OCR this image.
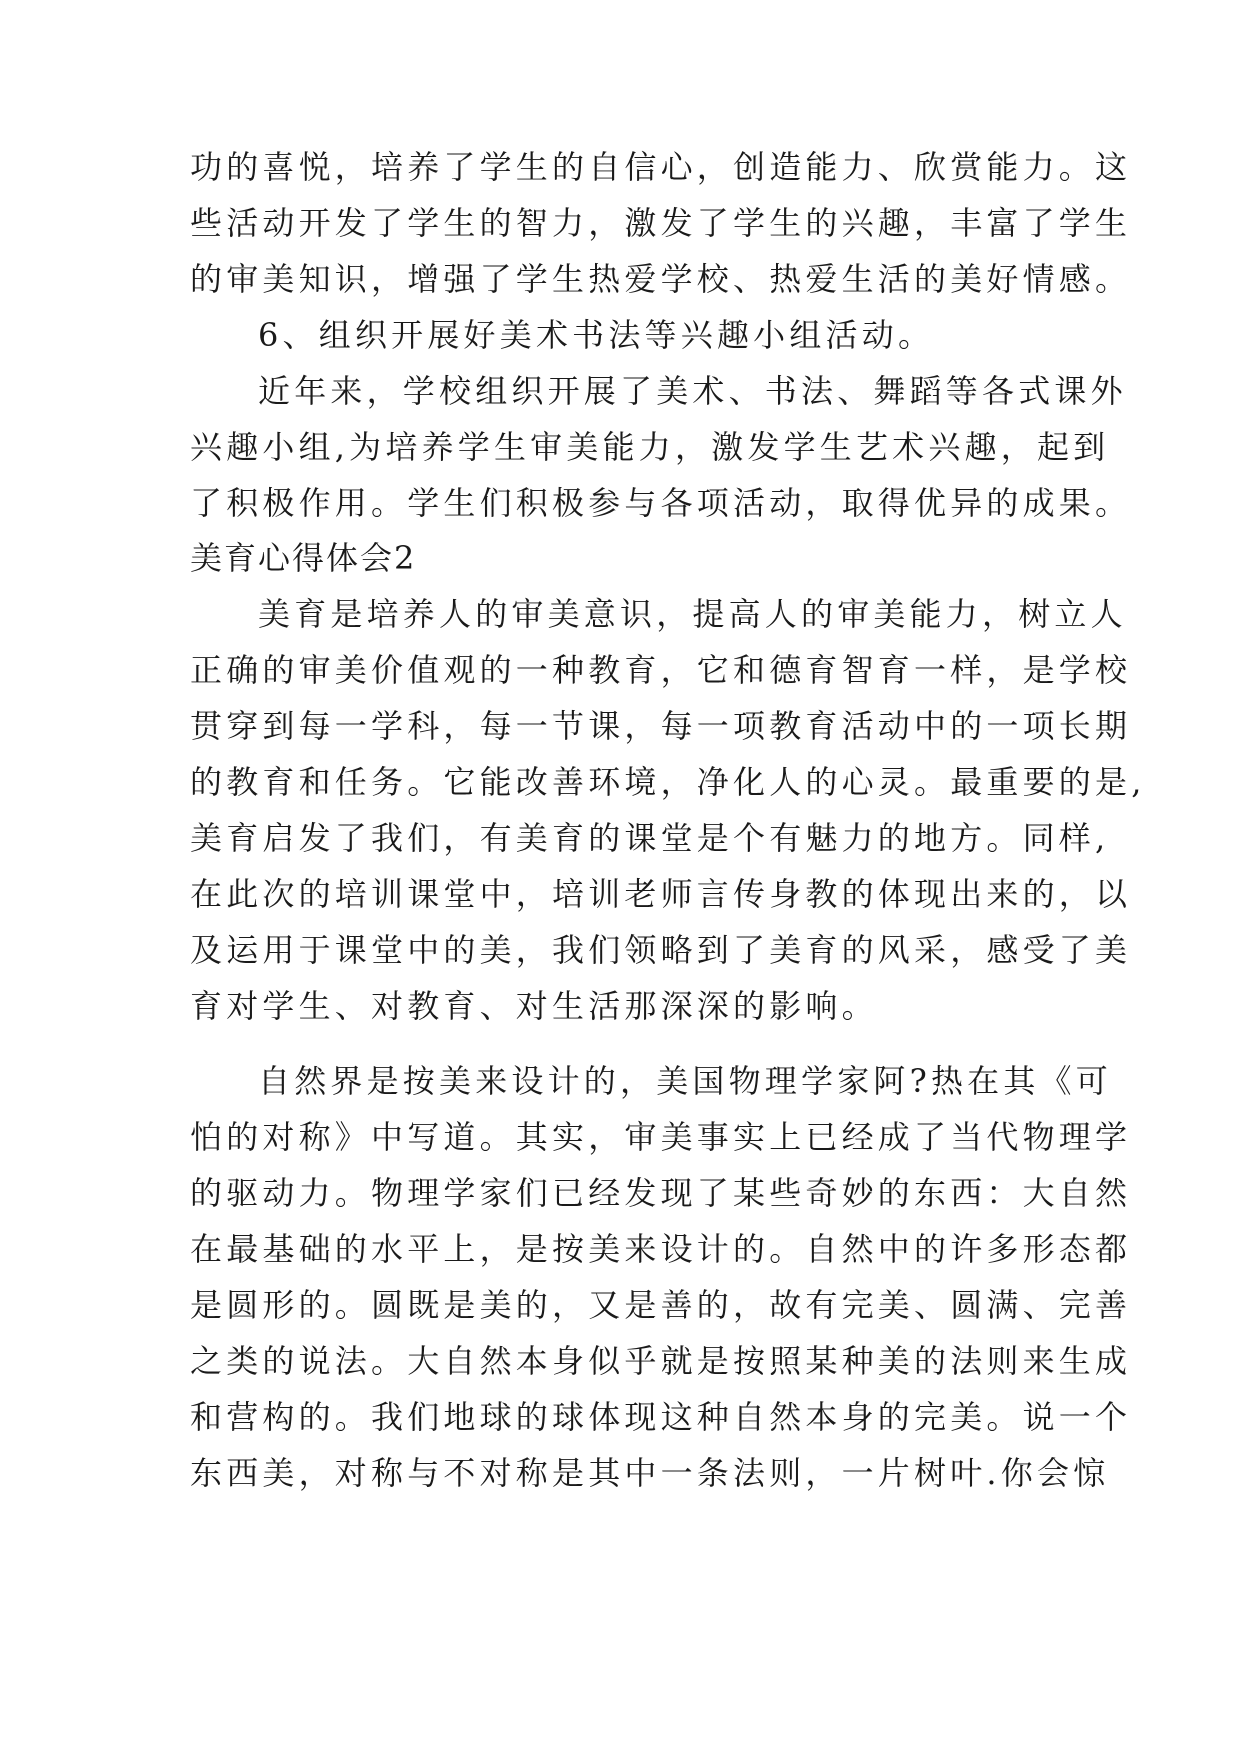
功的喜悦，培养了学生的自信心，创造能力、欣赏能力。这
些活动开发了学生的智力，激发了学生的兴趣，丰富了学生
的审美知识，增强了学生热爱学校、热爱生活的美好情感。
6、组织开展好美术书法等兴趣小组活动。
近年来，学校组织开展了美术、书法、舞蹈等各式课外
兴趣小组,为培养学生审美能力，激发学生艺术兴趣，起到
了积极作用。学生们积极参与各项活动，取得优异的成果。
美育心得体会2
美育是培养人的审美意识，提高人的审美能力，树立人
正确的审美价值观的一种教育，它和德育智育一样，是学校
贯穿到每一学科，每一节课，每一项教育活动中的一项长期
的教育和任务。它能改善环境，净化人的心灵。最重要的是,
美育启发了我们，有美育的课堂是个有魅力的地方。同样,
在此次的培训课堂中，培训老师言传身教的体现出来的，以
及运用于课堂中的美，我们领略到了美育的风采，感受了美
育对学生、对教育、对生活那深深的影响。
自然界是按美来设计的，美国物理学家阿?热在其《可
怕的对称》中写道。其实，审美事实上已经成了当代物理学
的驱动力。物理学家们已经发现了某些奇妙的东西：大自然
在最基础的水平上，是按美来设计的。自然中的许多形态都
是圆形的。圆既是美的，又是善的，故有完美、圆满、完善
之类的说法。大自然本身似乎就是按照某种美的法则来生成
和营构的。我们地球的球体现这种自然本身的完美。说一个
东西美，对称与不对称是其中一条法则，一片树叶.你会惊
